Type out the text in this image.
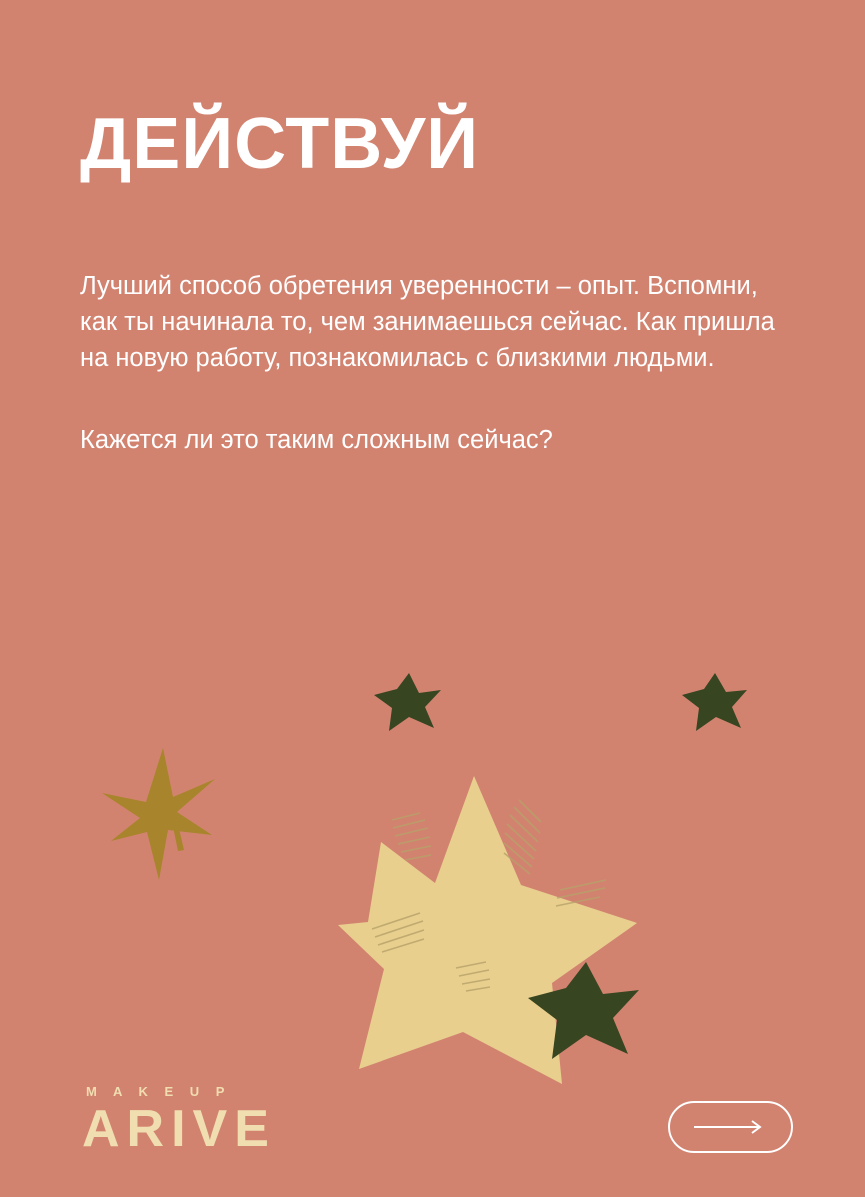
ДЕЙСТВУЙ

Лучший способ обретения уверенности – опыт. Вспомни, как ты начинала то, чем занимаешься сейчас. Как пришла на новую работу, познакомилась с близкими людьми.

Кажется ли это таким сложным сейчас?

M A K E U P
ARIVE
